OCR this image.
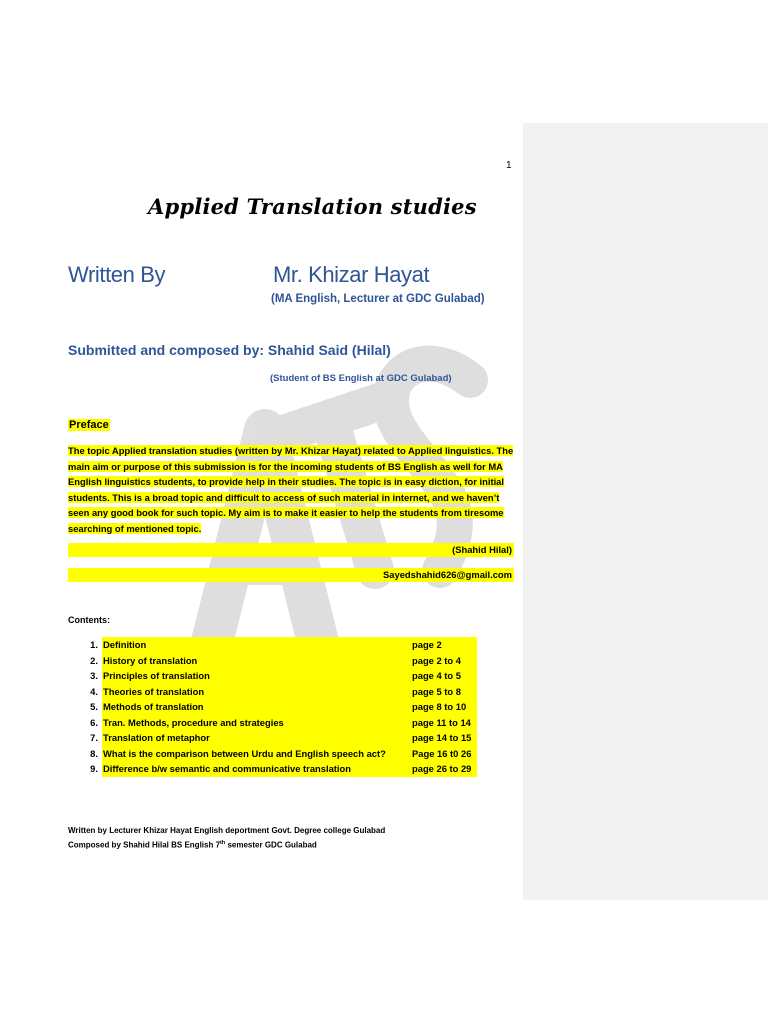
1
Applied Translation studies
Written By	Mr. Khizar Hayat
(MA English, Lecturer at GDC Gulabad)
Submitted and composed by: Shahid Said (Hilal)
(Student of BS English at GDC Gulabad)
Preface

The topic Applied translation studies (written by Mr. Khizar Hayat) related to Applied linguistics. The main aim or purpose of this submission is for the incoming students of BS English as well for MA English linguistics students, to provide help in their studies. The topic is in easy diction, for initial students. This is a broad topic and difficult to access of such material in internet, and we haven’t seen any good book for such topic. My aim is to make it easier to help the students from tiresome searching of mentioned topic.

(Shahid Hilal)
Sayedshahid626@gmail.com
Contents:
1. Definition	page 2
2. History of translation	page 2 to 4
3. Principles of translation	page 4 to 5
4. Theories of translation	page 5 to 8
5. Methods of translation	page 8 to 10
6. Tran. Methods, procedure and strategies	page 11 to 14
7. Translation of metaphor	page 14 to 15
8. What is the comparison between Urdu and English speech act?	Page 16 t0 26
9. Difference b/w semantic and communicative translation	page 26 to 29
Written by Lecturer Khizar Hayat English deportment Govt. Degree college Gulabad
Composed by Shahid Hilal BS English 7th semester GDC Gulabad
